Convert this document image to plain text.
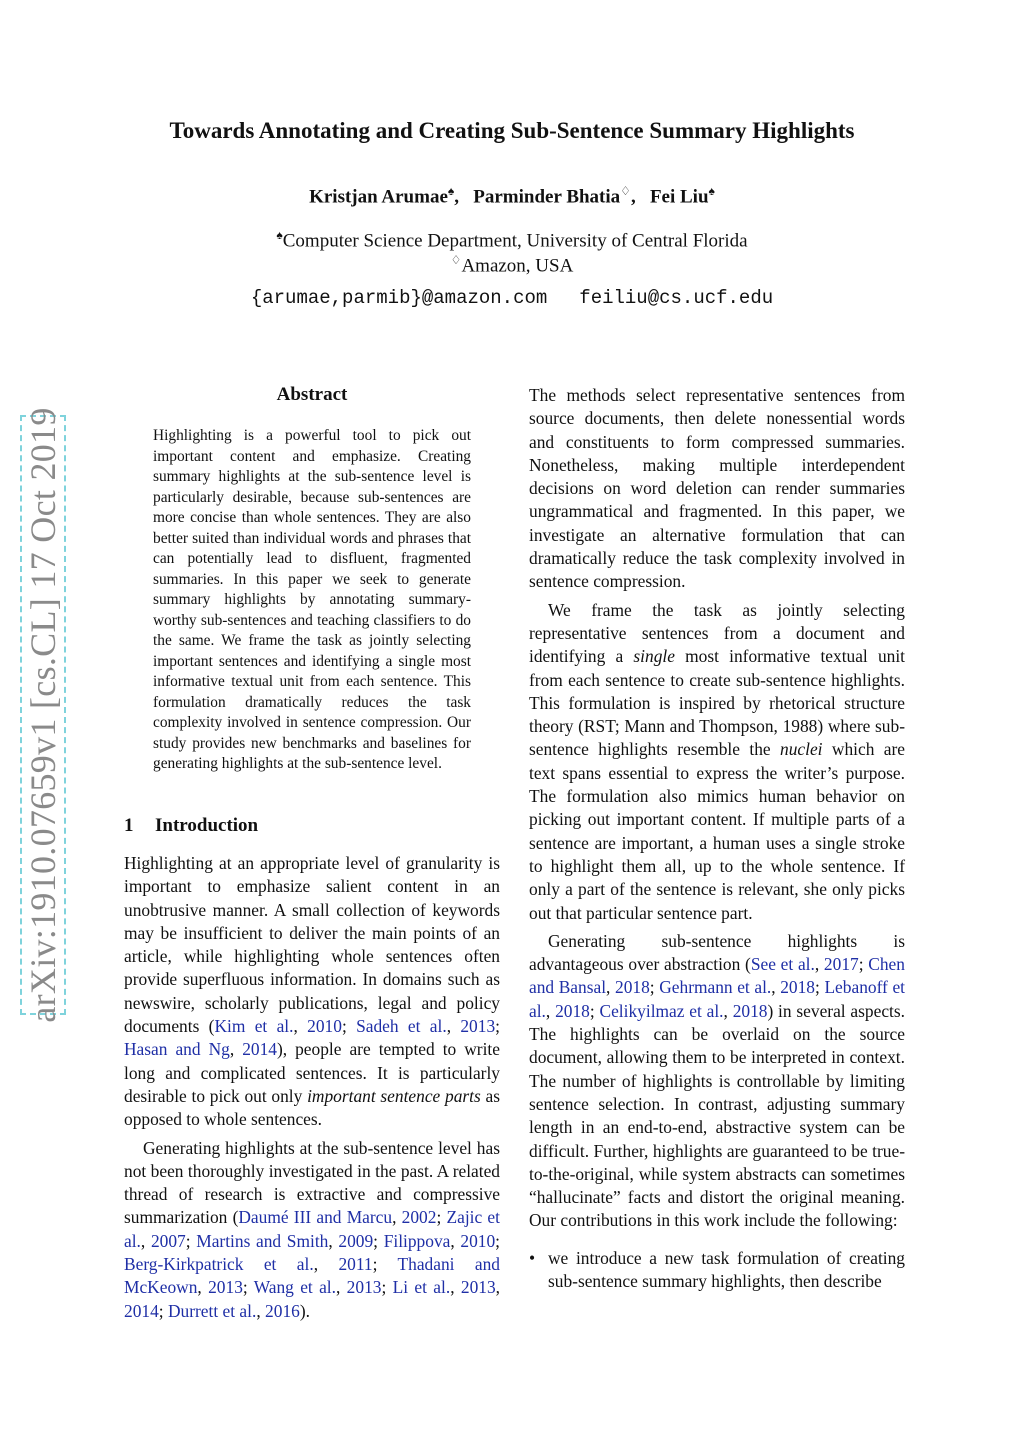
arXiv:1910.07659v1 [cs.CL] 17 Oct 2019
Towards Annotating and Creating Sub-Sentence Summary Highlights
Kristjan Arumae♠,   Parminder Bhatia♢,   Fei Liu♠
♠Computer Science Department, University of Central Florida
♢Amazon, USA
{arumae,parmib}@amazon.com feiliu@cs.ucf.edu
Abstract

Highlighting is a powerful tool to pick out important content and emphasize. Creating summary highlights at the sub-sentence level is particularly desirable, because sub-sentences are more concise than whole sentences. They are also better suited than individual words and phrases that can potentially lead to disfluent, fragmented summaries. In this paper we seek to generate summary highlights by annotating summary-worthy sub-sentences and teaching classifiers to do the same. We frame the task as jointly selecting important sentences and identifying a single most informative textual unit from each sentence. This formulation dramatically reduces the task complexity involved in sentence compression. Our study provides new benchmarks and baselines for generating highlights at the sub-sentence level.

1 Introduction

Highlighting at an appropriate level of granularity is important to emphasize salient content in an unobtrusive manner. A small collection of keywords may be insufficient to deliver the main points of an article, while highlighting whole sentences often provide superfluous information. In domains such as newswire, scholarly publications, legal and policy documents (Kim et al., 2010; Sadeh et al., 2013; Hasan and Ng, 2014), people are tempted to write long and complicated sentences. It is particularly desirable to pick out only important sentence parts as opposed to whole sentences.

Generating highlights at the sub-sentence level has not been thoroughly investigated in the past. A related thread of research is extractive and compressive summarization (Daumé III and Marcu, 2002; Zajic et al., 2007; Martins and Smith, 2009; Filippova, 2010; Berg-Kirkpatrick et al., 2011; Thadani and McKeown, 2013; Wang et al., 2013; Li et al., 2013, 2014; Durrett et al., 2016).

The methods select representative sentences from source documents, then delete nonessential words and constituents to form compressed summaries. Nonetheless, making multiple interdependent decisions on word deletion can render summaries ungrammatical and fragmented. In this paper, we investigate an alternative formulation that can dramatically reduce the task complexity involved in sentence compression.

We frame the task as jointly selecting representative sentences from a document and identifying a single most informative textual unit from each sentence to create sub-sentence highlights. This formulation is inspired by rhetorical structure theory (RST; Mann and Thompson, 1988) where sub-sentence highlights resemble the nuclei which are text spans essential to express the writer’s purpose. The formulation also mimics human behavior on picking out important content. If multiple parts of a sentence are important, a human uses a single stroke to highlight them all, up to the whole sentence. If only a part of the sentence is relevant, she only picks out that particular sentence part.

Generating sub-sentence highlights is advantageous over abstraction (See et al., 2017; Chen and Bansal, 2018; Gehrmann et al., 2018; Lebanoff et al., 2018; Celikyilmaz et al., 2018) in several aspects. The highlights can be overlaid on the source document, allowing them to be interpreted in context. The number of highlights is controllable by limiting sentence selection. In contrast, adjusting summary length in an end-to-end, abstractive system can be difficult. Further, highlights are guaranteed to be true-to-the-original, while system abstracts can sometimes “hallucinate” facts and distort the original meaning. Our contributions in this work include the following:

• we introduce a new task formulation of creating sub-sentence summary highlights, then describe
